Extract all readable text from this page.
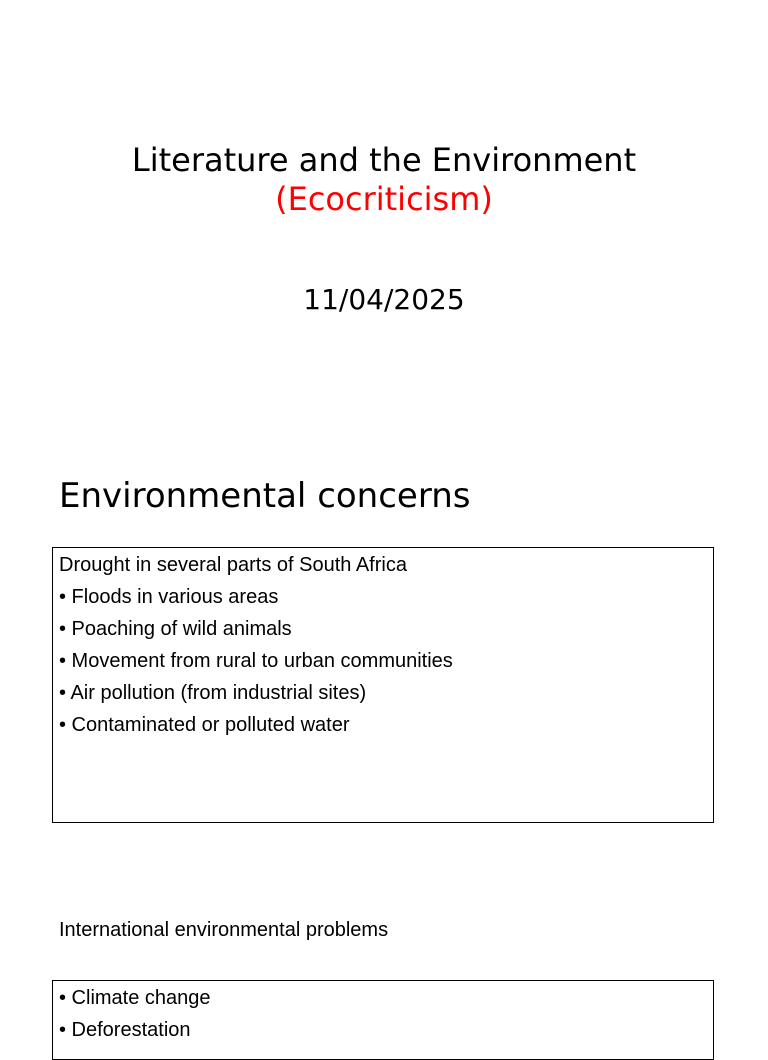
Literature and the Environment
(Ecocriticism)
11/04/2025
Environmental concerns
Drought in several parts of South Africa
• Floods in various areas
• Poaching of wild animals
• Movement from rural to urban communities
• Air pollution (from industrial sites)
• Contaminated or polluted water
International environmental problems
• Climate change
• Deforestation
